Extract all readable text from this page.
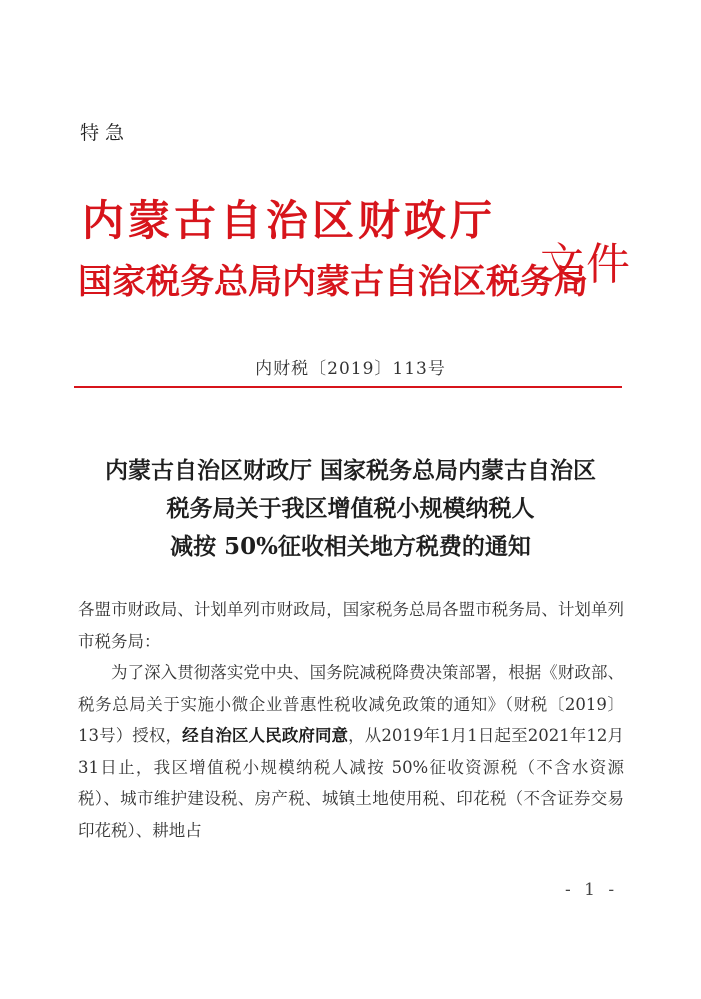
特急
内蒙古自治区财政厅
国家税务总局内蒙古自治区税务局
文件
内财税〔2019〕113号
内蒙古自治区财政厅 国家税务总局内蒙古自治区
税务局关于我区增值税小规模纳税人
减按 50%征收相关地方税费的通知

各盟市财政局、计划单列市财政局，国家税务总局各盟市税务局、计划单列市税务局：

为了深入贯彻落实党中央、国务院减税降费决策部署，根据《财政部、税务总局关于实施小微企业普惠性税收减免政策的通知》（财税〔2019〕13号）授权，经自治区人民政府同意，从2019年1月1日起至2021年12月31日止，我区增值税小规模纳税人减按 50%征收资源税（不含水资源税）、城市维护建设税、房产税、城镇土地使用税、印花税（不含证券交易印花税）、耕地占

- 1 -
